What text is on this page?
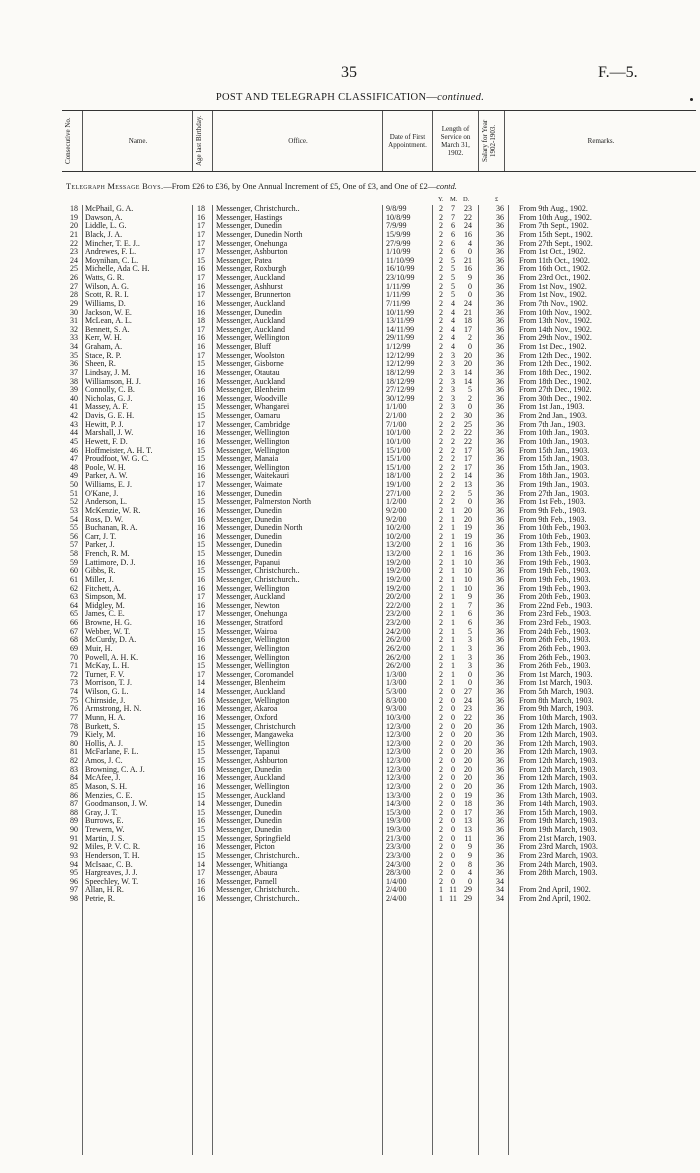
35	F.—5.
POST AND TELEGRAPH CLASSIFICATION—continued.
Consecutive No.	Name.	Age last Birthday.	Office.	Date of First Appointment.
Length of Service on March 31, 1902.	Salary for Year 1902-1903.	Remarks.
Telegraph Message Boys.—From £26 to £36, by One Annual Increment of £5, One of £3, and One of £2—contd.
Y. M. D.	£
18 McPhail, G. A.	18 Messenger, Christchurch..	9/8/99	2	7	23	36 From 9th Aug., 1902.
19 Dawson, A.	16 Messenger, Hastings	10/8/99	2	7	22	36 From 10th Aug., 1902.
20 Liddle, L. G.	17 Messenger, Dunedin	7/9/99	2	6	24	36 From 7th Sept., 1902.
21 Black, J. A.	17 Messenger, Dunedin North	15/9/99	2	6	16	36 From 15th Sept., 1902.
22 Mincher, T. E. J..	17 Messenger, Onehunga	27/9/99	2	6	4	36 From 27th Sept., 1902.
23 Andrewes, F. L.	17 Messenger, Ashburton	1/10/99	2	6	0	36 From 1st Oct., 1902.
24 Moynihan, C. L.	15 Messenger, Patea	11/10/99	2	5	21	36 From 11th Oct., 1902.
25 Michelle, Ada C. H.	16 Messenger, Roxburgh	16/10/99	2	5	16	36 From 16th Oct., 1902.
26 Watts, G. R.	17 Messenger, Auckland	23/10/99	2	5	9	36 From 23rd Oct., 1902.
27 Wilson, A. G.	16 Messenger, Ashhurst	1/11/99	2	5	0	36 From 1st Nov., 1902.
28 Scott, R. R. I.	17 Messenger, Brunnerton	1/11/99	2	5	0	36 From 1st Nov., 1902.
29 Williams, D.	16 Messenger, Auckland	7/11/99	2	4	24	36 From 7th Nov., 1902.
30 Jackson, W. E.	16 Messenger, Dunedin	10/11/99	2	4	21	36 From 10th Nov., 1902.
31 McLean, A. L.	18 Messenger, Auckland	13/11/99	2	4	18	36 From 13th Nov., 1902.
32 Bennett, S. A.	17 Messenger, Auckland	14/11/99	2	4	17	36 From 14th Nov., 1902.
33 Kerr, W. H.	16 Messenger, Wellington	29/11/99	2	4	2	36 From 29th Nov., 1902.
34 Graham, A.	16 Messenger, Bluff	1/12/99	2	4	0	36 From 1st Dec., 1902.
35 Stace, R. P.	17 Messenger, Woolston	12/12/99	2	3	20	36 From 12th Dec., 1902.
36 Sheen, R.	15 Messenger, Gisborne	12/12/99	2	3	20	36 From 12th Dec., 1902.
37 Lindsay, J. M.	16 Messenger, Otautau	18/12/99	2	3	14	36 From 18th Dec., 1902.
38 Williamson, H. J.	16 Messenger, Auckland	18/12/99	2	3	14	36 From 18th Dec., 1902.
39 Connolly, C. B.	16 Messenger, Blenheim	27/12/99	2	3	5	36 From 27th Dec., 1902.
40 Nicholas, G. J.	16 Messenger, Woodville	30/12/99	2	3	2	36 From 30th Dec., 1902.
41 Massey, A. F.	15 Messenger, Whangarei	1/1/00	2	3	0	36 From 1st Jan., 1903.
42 Davis, G. E. H.	15 Messenger, Oamaru	2/1/00	2	2	30	36 From 2nd Jan., 1903.
43 Hewitt, P. J.	17 Messenger, Cambridge	7/1/00	2	2	25	36 From 7th Jan., 1903.
44 Marshall, J. W.	16 Messenger, Wellington	10/1/00	2	2	22	36 From 10th Jan., 1903.
45 Hewett, F. D.	16 Messenger, Wellington	10/1/00	2	2	22	36 From 10th Jan., 1903.
46 Hoffmeister, A. H. T.	15 Messenger, Wellington	15/1/00	2	2	17	36 From 15th Jan., 1903.
47 Proudfoot, W. G. C.	15 Messenger, Manaia	15/1/00	2	2	17	36 From 15th Jan., 1903.
48 Poole, W. H.	16 Messenger, Wellington	15/1/00	2	2	17	36 From 15th Jan., 1903.
49 Parker, A. W.	16 Messenger, Waitekauri	18/1/00	2	2	14	36 From 18th Jan., 1903.
50 Williams, E. J.	17 Messenger, Waimate	19/1/00	2	2	13	36 From 19th Jan., 1903.
51 O'Kane, J.	16 Messenger, Dunedin	27/1/00	2	2	5	36 From 27th Jan., 1903.
52 Anderson, L.	15 Messenger, Palmerston North	1/2/00	2	2	0	36 From 1st Feb., 1903.
53 McKenzie, W. R.	16 Messenger, Dunedin	9/2/00	2	1	20	36 From 9th Feb., 1903.
54 Ross, D. W.	16 Messenger, Dunedin	9/2/00	2	1	20	36 From 9th Feb., 1903.
55 Buchanan, R. A.	16 Messenger, Dunedin North	10/2/00	2	1	19	36 From 10th Feb., 1903.
56 Carr, J. T.	16 Messenger, Dunedin	10/2/00	2	1	19	36 From 10th Feb., 1903.
57 Parker, J.	15 Messenger, Dunedin	13/2/00	2	1	16	36 From 13th Feb., 1903.
58 French, R. M.	15 Messenger, Dunedin	13/2/00	2	1	16	36 From 13th Feb., 1903.
59 Lattimore, D. J.	16 Messenger, Papanui	19/2/00	2	1	10	36 From 19th Feb., 1903.
60 Gibbs, R.	15 Messenger, Christchurch..	19/2/00	2	1	10	36 From 19th Feb., 1903.
61 Miller, J.	16 Messenger, Christchurch..	19/2/00	2	1	10	36 From 19th Feb., 1903.
62 Fitchett, A.	16 Messenger, Wellington	19/2/00	2	1	10	36 From 19th Feb., 1903.
63 Simpson, M.	17 Messenger, Auckland	20/2/00	2	1	9	36 From 20th Feb., 1903.
64 Midgley, M.	16 Messenger, Newton	22/2/00	2	1	7	36 From 22nd Feb., 1903.
65 James, C. E.	17 Messenger, Onehunga	23/2/00	2	1	6	36 From 23rd Feb., 1903.
66 Browne, H. G.	16 Messenger, Stratford	23/2/00	2	1	6	36 From 23rd Feb., 1903.
67 Webber, W. T.	15 Messenger, Wairoa	24/2/00	2	1	5	36 From 24th Feb., 1903.
68 McCurdy, D. A.	16 Messenger, Wellington	26/2/00	2	1	3	36 From 26th Feb., 1903.
69 Muir, H.	16 Messenger, Wellington	26/2/00	2	1	3	36 From 26th Feb., 1903.
70 Powell, A. H. K.	16 Messenger, Wellington	26/2/00	2	1	3	36 From 26th Feb., 1903.
71 McKay, L. H.	15 Messenger, Wellington	26/2/00	2	1	3	36 From 26th Feb., 1903.
72 Turner, F. V.	17 Messenger, Coromandel	1/3/00	2	1	0	36 From 1st March, 1903.
73 Morrison, T. J.	14 Messenger, Blenheim	1/3/00	2	1	0	36 From 1st March, 1903.
74 Wilson, G. L.	14 Messenger, Auckland	5/3/00	2	0	27	36 From 5th March, 1903.
75 Chirnside, J.	16 Messenger, Wellington	8/3/00	2	0	24	36 From 8th March, 1903.
76 Armstrong, H. N.	16 Messenger, Akaroa	9/3/00	2	0	23	36 From 9th March, 1903.
77 Munn, H. A.	16 Messenger, Oxford	10/3/00	2	0	22	36 From 10th March, 1903.
78 Burkett, S.	15 Messenger, Christchurch	12/3/00	2	0	20	36 From 12th March, 1903.
79 Kiely, M.	16 Messenger, Mangaweka	12/3/00	2	0	20	36 From 12th March, 1903.
80 Hollis, A. J.	15 Messenger, Wellington	12/3/00	2	0	20	36 From 12th March, 1903.
81 McFarlane, F. L.	15 Messenger, Tapanui	12/3/00	2	0	20	36 From 12th March, 1903.
82 Amos, J. C.	15 Messenger, Ashburton	12/3/00	2	0	20	36 From 12th March, 1903.
83 Browning, C. A. J.	16 Messenger, Dunedin	12/3/00	2	0	20	36 From 12th March, 1903.
84 McAfee, J.	16 Messenger, Auckland	12/3/00	2	0	20	36 From 12th March, 1903.
85 Mason, S. H.	16 Messenger, Wellington	12/3/00	2	0	20	36 From 12th March, 1903.
86 Menzies, C. E.	15 Messenger, Auckland	13/3/00	2	0	19	36 From 13th March, 1903.
87 Goodmanson, J. W.	14 Messenger, Dunedin	14/3/00	2	0	18	36 From 14th March, 1903.
88 Gray, J. T.	15 Messenger, Dunedin	15/3/00	2	0	17	36 From 15th March, 1903.
89 Burrows, E.	16 Messenger, Dunedin	19/3/00	2	0	13	36 From 19th March, 1903.
90 Trewern, W.	15 Messenger, Dunedin	19/3/00	2	0	13	36 From 19th March, 1903.
91 Martin, J. S.	15 Messenger, Springfield	21/3/00	2	0	11	36 From 21st March, 1903.
92 Miles, P. V. C. R.	16 Messenger, Picton	23/3/00	2	0	9	36 From 23rd March, 1903.
93 Henderson, T. H.	15 Messenger, Christchurch..	23/3/00	2	0	9	36 From 23rd March, 1903.
94 McIsaac, C. B.	14 Messenger, Whitianga	24/3/00	2	0	8	36 From 24th March, 1903.
95 Hargreaves, J. J.	17 Messenger, Abaura	28/3/00	2	0	4	36 From 28th March, 1903.
96 Speechley, W. T.	16 Messenger, Parnell	1/4/00	2	0	0	34
97 Allan, H. R.	16 Messenger, Christchurch..	2/4/00	1 11 29	34 From 2nd April, 1902.
98 Petrie, R.	16 Messenger, Christchurch..	2/4/00	1 11 29	34 From 2nd April, 1902.
